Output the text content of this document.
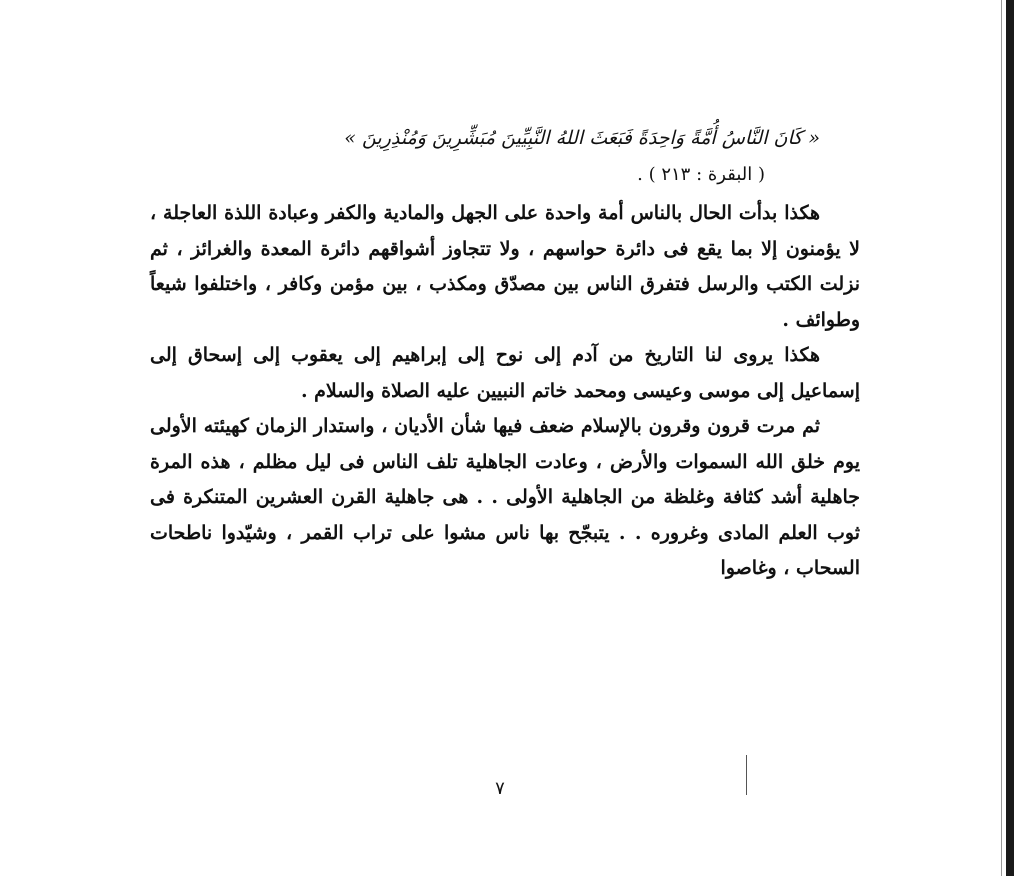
« كَانَ النَّاسُ أُمَّةً وَاحِدَةً فَبَعَثَ اللهُ النَّبِيِّينَ مُبَشِّرِينَ وَمُنْذِرِينَ »

( البقرة : ٢١٣ ) .

هكذا بدأت الحال بالناس أمة واحدة على الجهل والمادية والكفر وعبادة اللذة العاجلة ، لا يؤمنون إلا بما يقع فى دائرة حواسهم ، ولا تتجاوز أشواقهم دائرة المعدة والغرائز ، ثم نزلت الكتب والرسل فتفرق الناس بين مصدّق ومكذب ، بين مؤمن وكافر ، واختلفوا شيعاً وطوائف .

هكذا يروى لنا التاريخ من آدم إلى نوح إلى إبراهيم إلى يعقوب إلى إسحاق إلى إسماعيل إلى موسى وعيسى ومحمد خاتم النبيين عليه الصلاة والسلام .

ثم مرت قرون وقرون بالإسلام ضعف فيها شأن الأديان ، واستدار الزمان كهيئته الأولى يوم خلق الله السموات والأرض ، وعادت الجاهلية تلف الناس فى ليل مظلم ، هذه المرة جاهلية أشد كثافة وغلظة من الجاهلية الأولى . . هى جاهلية القرن العشرين المتنكرة فى ثوب العلم المادى وغروره . . يتبجّح بها ناس مشوا على تراب القمر ، وشيّدوا ناطحات السحاب ، وغاصوا

٧
